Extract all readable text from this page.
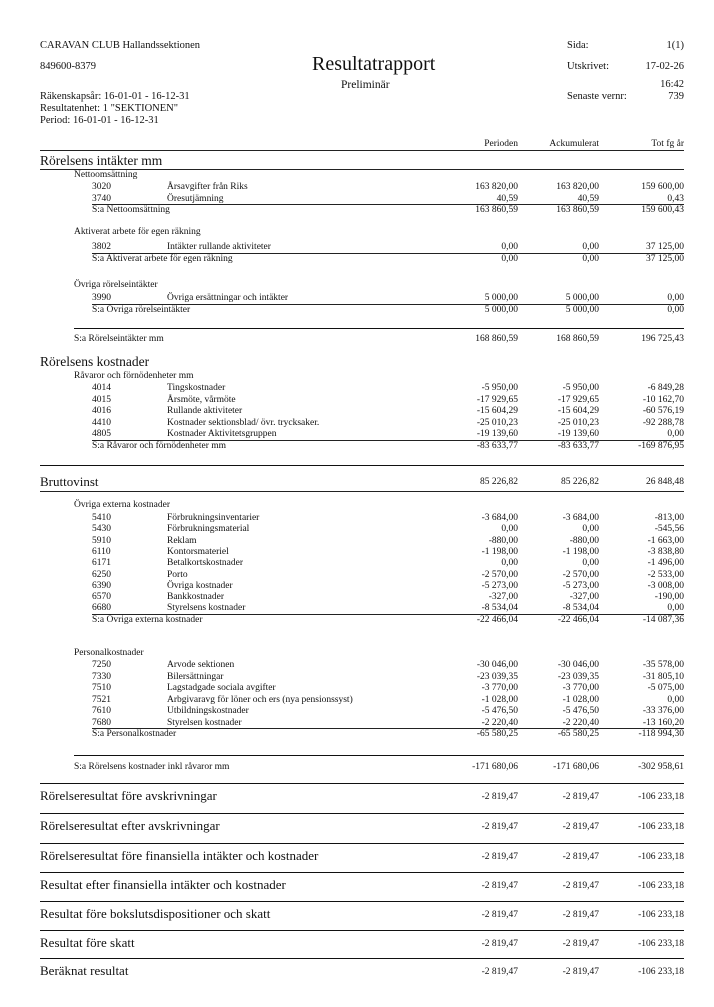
CARAVAN CLUB Hallandssektionen
849600-8379	Resultatrapport
Preliminär
Räkenskapsår: 16-01-01 - 16-12-31
Resultatenhet: 1 "SEKTIONEN"
Period: 16-01-01 - 16-12-31
Sida:	1(1)
Utskrivet:	17-02-26
16:42
Senaste vernr:	739
Perioden	Ackumulerat	Tot fg år
Rörelsens intäkter mm
Nettoomsättning
3020	Årsavgifter från Riks	163 820,00	163 820,00	159 600,00
3740	Öresutjämning	40,59	40,59	0,43
S:a Nettoomsättning	163 860,59	163 860,59	159 600,43
Aktiverat arbete för egen räkning
3802	Intäkter rullande aktiviteter	0,00	0,00	37 125,00
S:a Aktiverat arbete för egen räkning	0,00	0,00	37 125,00
Övriga rörelseintäkter
3990	Övriga ersättningar och intäkter	5 000,00	5 000,00	0,00
S:a Övriga rörelseintäkter	5 000,00	5 000,00	0,00
S:a Rörelseintäkter mm	168 860,59	168 860,59	196 725,43
Rörelsens kostnader
Råvaror och förnödenheter mm
4014	Tingskostnader	-5 950,00	-5 950,00	-6 849,28
4015	Årsmöte, vårmöte	-17 929,65	-17 929,65	-10 162,70
4016	Rullande aktiviteter	-15 604,29	-15 604,29	-60 576,19
4410	Kostnader sektionsblad/ övr. trycksaker.	-25 010,23	-25 010,23	-92 288,78
4805	Kostnader Aktivitetsgruppen	-19 139,60	-19 139,60	0,00
S:a Råvaror och förnödenheter mm	-83 633,77	-83 633,77	-169 876,95
Bruttovinst	85 226,82	85 226,82	26 848,48
Övriga externa kostnader
5410	Förbrukningsinventarier	-3 684,00	-3 684,00	-813,00
5430	Förbrukningsmaterial	0,00	0,00	-545,56
5910	Reklam	-880,00	-880,00	-1 663,00
6110	Kontorsmateriel	-1 198,00	-1 198,00	-3 838,80
6171	Betalkortskostnader	0,00	0,00	-1 496,00
6250	Porto	-2 570,00	-2 570,00	-2 533,00
6390	Övriga kostnader	-5 273,00	-5 273,00	-3 008,00
6570	Bankkostnader	-327,00	-327,00	-190,00
6680	Styrelsens kostnader	-8 534,04	-8 534,04	0,00
S:a Övriga externa kostnader	-22 466,04	-22 466,04	-14 087,36
Personalkostnader
7250	Arvode sektionen	-30 046,00	-30 046,00	-35 578,00
7330	Bilersättningar	-23 039,35	-23 039,35	-31 805,10
7510	Lagstadgade sociala avgifter	-3 770,00	-3 770,00	-5 075,00
7521	Arbgivaravg för löner och ers (nya pensionssyst)	-1 028,00	-1 028,00	0,00
7610	Utbildningskostnader	-5 476,50	-5 476,50	-33 376,00
7680	Styrelsen kostnader	-2 220,40	-2 220,40	-13 160,20
S:a Personalkostnader	-65 580,25	-65 580,25	-118 994,30
S:a Rörelsens kostnader inkl råvaror mm	-171 680,06	-171 680,06	-302 958,61
Rörelseresultat före avskrivningar	-2 819,47	-2 819,47	-106 233,18
Rörelseresultat efter avskrivningar	-2 819,47	-2 819,47	-106 233,18
Rörelseresultat före finansiella intäkter och kostnader	-2 819,47	-2 819,47	-106 233,18
Resultat efter finansiella intäkter och kostnader	-2 819,47	-2 819,47	-106 233,18
Resultat före bokslutsdispositioner och skatt	-2 819,47	-2 819,47	-106 233,18
Resultat före skatt	-2 819,47	-2 819,47	-106 233,18
Beräknat resultat	-2 819,47	-2 819,47	-106 233,18
